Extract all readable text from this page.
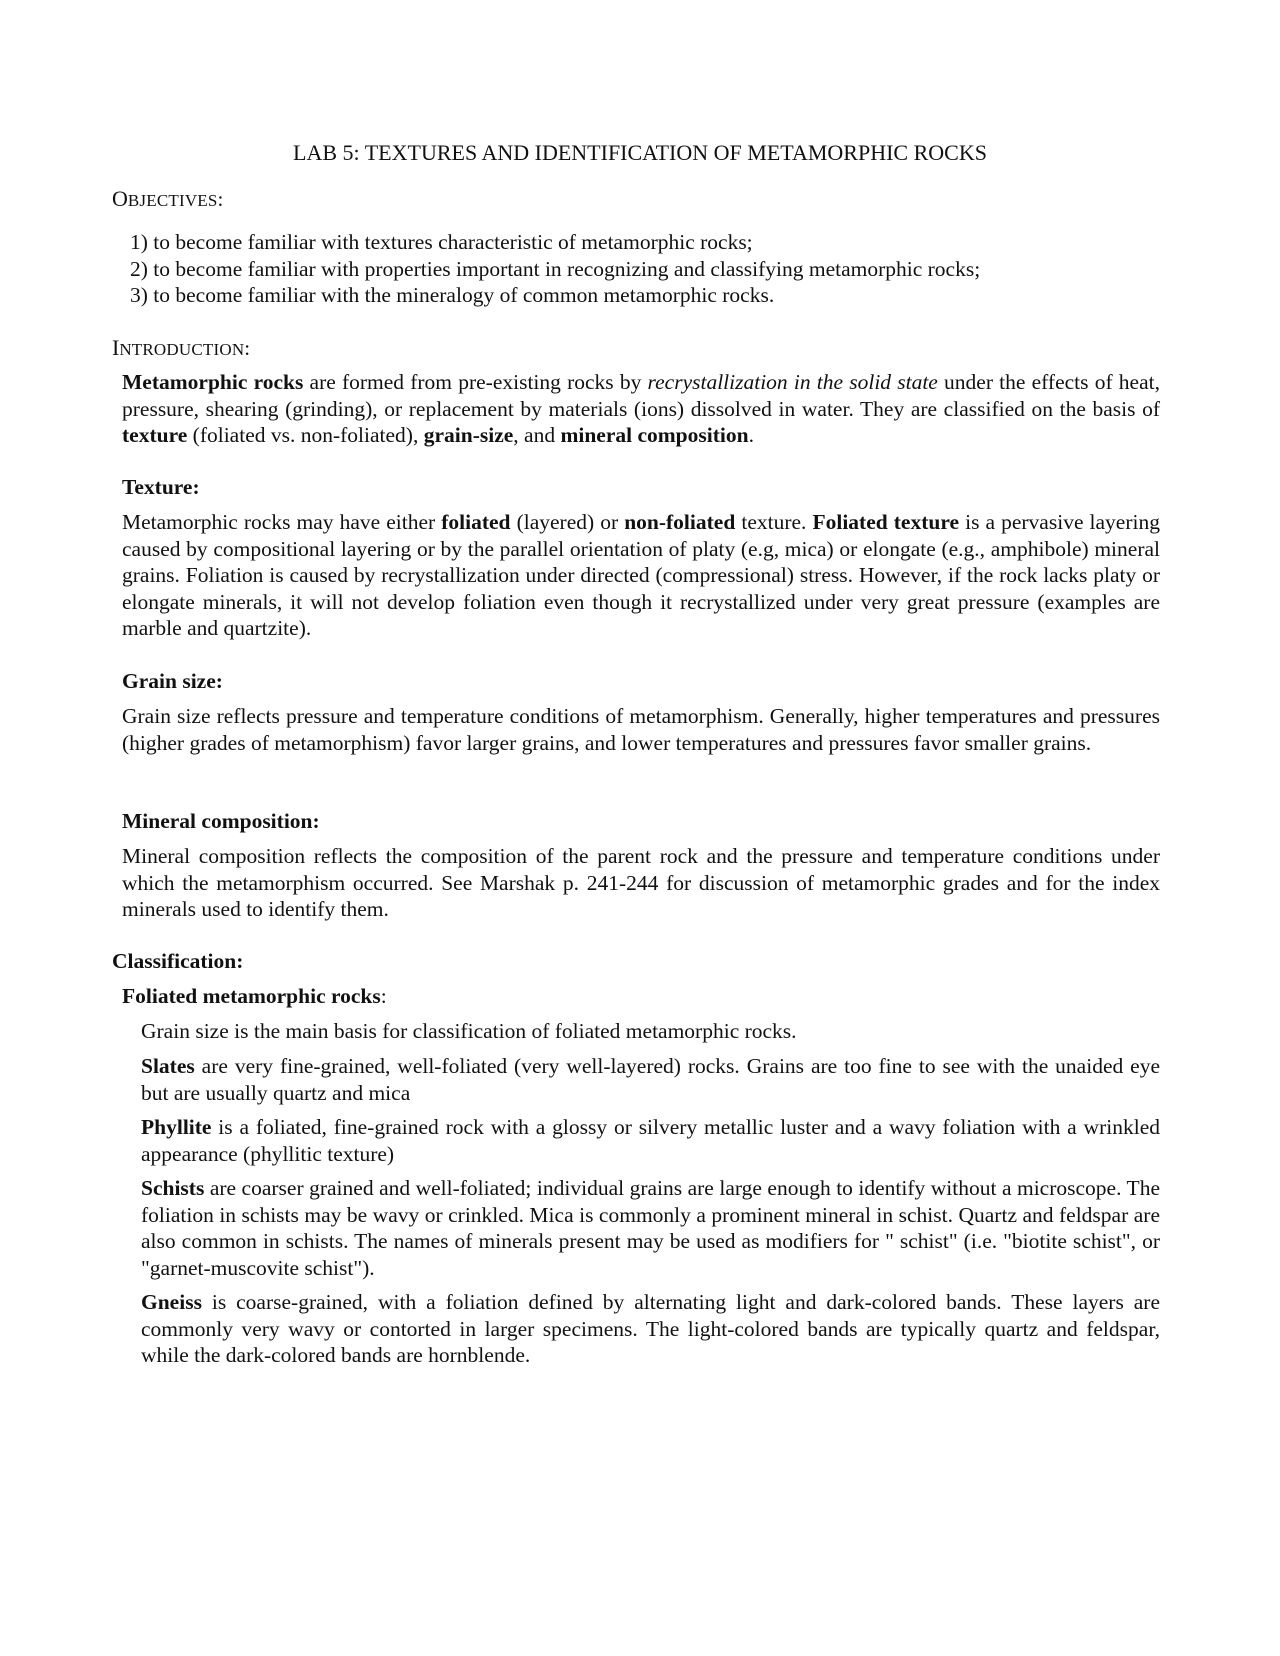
LAB 5: TEXTURES AND IDENTIFICATION OF METAMORPHIC ROCKS
OBJECTIVES:
1) to become familiar with textures characteristic of metamorphic rocks;
2) to become familiar with properties important in recognizing and classifying metamorphic rocks;
3) to become familiar with the mineralogy of common metamorphic rocks.
INTRODUCTION:
Metamorphic rocks are formed from pre-existing rocks by recrystallization in the solid state under the effects of heat, pressure, shearing (grinding), or replacement by materials (ions) dissolved in water. They are classified on the basis of texture (foliated vs. non-foliated), grain-size, and mineral composition.
Texture:
Metamorphic rocks may have either foliated (layered) or non-foliated texture. Foliated texture is a pervasive layering caused by compositional layering or by the parallel orientation of platy (e.g, mica) or elongate (e.g., amphibole) mineral grains. Foliation is caused by recrystallization under directed (compressional) stress. However, if the rock lacks platy or elongate minerals, it will not develop foliation even though it recrystallized under very great pressure (examples are marble and quartzite).
Grain size:
Grain size reflects pressure and temperature conditions of metamorphism. Generally, higher temperatures and pressures (higher grades of metamorphism) favor larger grains, and lower temperatures and pressures favor smaller grains.
Mineral composition:
Mineral composition reflects the composition of the parent rock and the pressure and temperature conditions under which the metamorphism occurred. See Marshak p. 241-244 for discussion of metamorphic grades and for the index minerals used to identify them.
Classification:
Foliated metamorphic rocks:
Grain size is the main basis for classification of foliated metamorphic rocks.
Slates are very fine-grained, well-foliated (very well-layered) rocks. Grains are too fine to see with the unaided eye but are usually quartz and mica
Phyllite is a foliated, fine-grained rock with a glossy or silvery metallic luster and a wavy foliation with a wrinkled appearance (phyllitic texture)
Schists are coarser grained and well-foliated; individual grains are large enough to identify without a microscope. The foliation in schists may be wavy or crinkled. Mica is commonly a prominent mineral in schist. Quartz and feldspar are also common in schists. The names of minerals present may be used as modifiers for " schist" (i.e. "biotite schist", or "garnet-muscovite schist").
Gneiss is coarse-grained, with a foliation defined by alternating light and dark-colored bands. These layers are commonly very wavy or contorted in larger specimens. The light-colored bands are typically quartz and feldspar, while the dark-colored bands are hornblende.
